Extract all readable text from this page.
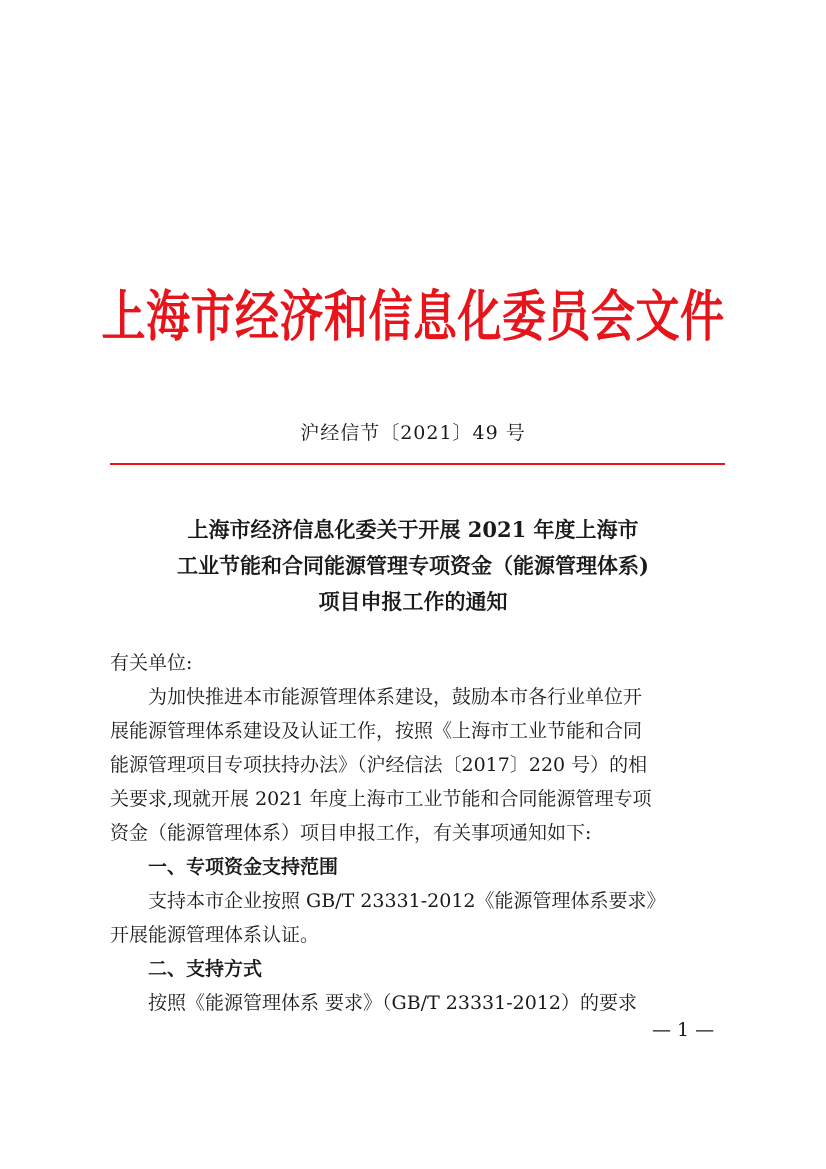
上海市经济和信息化委员会文件
沪经信节〔2021〕49 号
上海市经济信息化委关于开展 2021 年度上海市
工业节能和合同能源管理专项资金（能源管理体系)
项目申报工作的通知
有关单位:
为加快推进本市能源管理体系建设，鼓励本市各行业单位开
展能源管理体系建设及认证工作，按照《上海市工业节能和合同
能源管理项目专项扶持办法》（沪经信法〔2017〕220 号）的相
关要求,现就开展 2021 年度上海市工业节能和合同能源管理专项
资金（能源管理体系）项目申报工作，有关事项通知如下:
一、专项资金支持范围
支持本市企业按照 GB/T 23331-2012《能源管理体系要求》
开展能源管理体系认证。
二、支持方式
按照《能源管理体系 要求》（GB/T 23331-2012）的要求
— 1 —
